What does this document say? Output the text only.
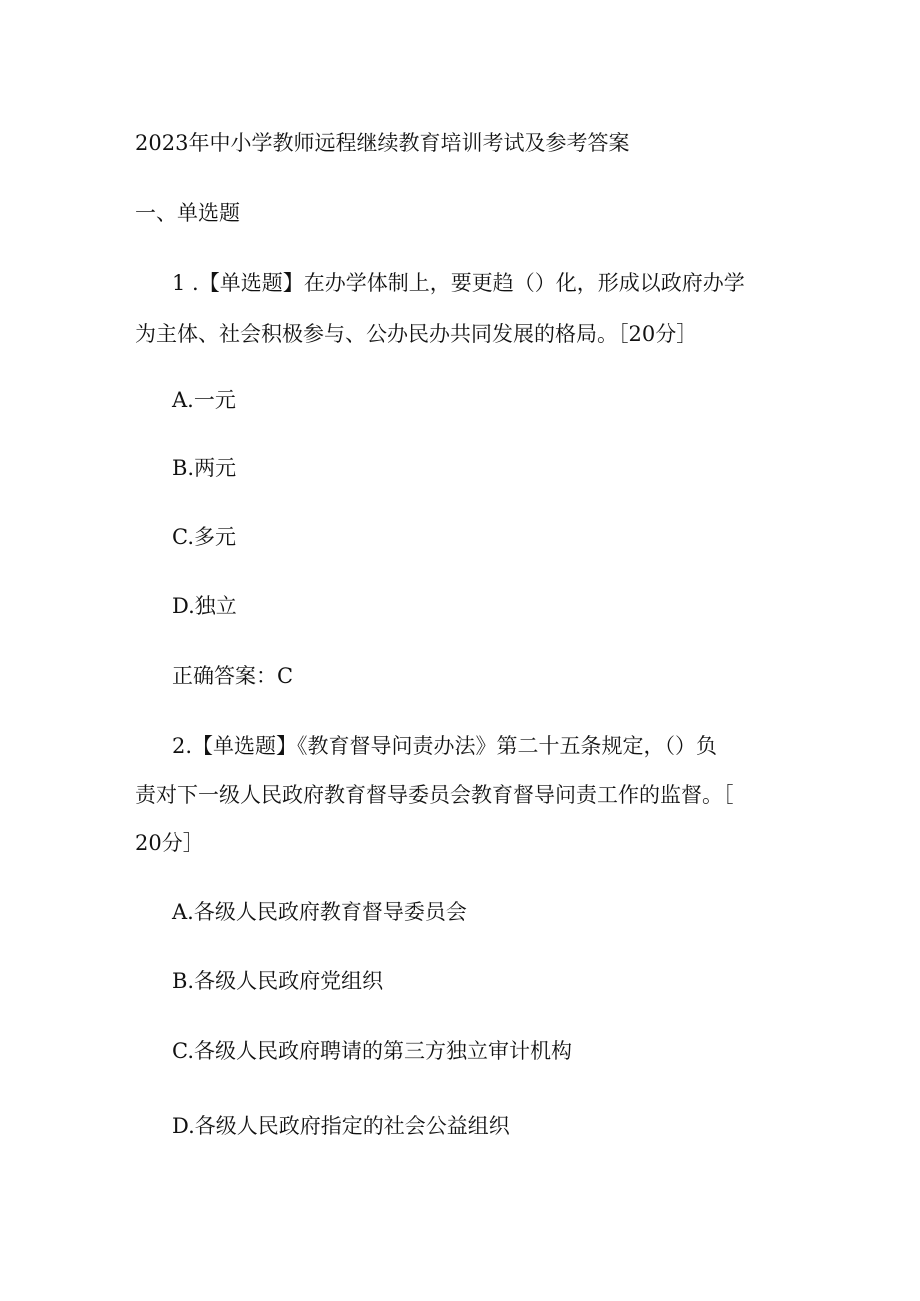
2023年中小学教师远程继续教育培训考试及参考答案
一、单选题
1 .【单选题】在办学体制上，要更趋（）化，形成以政府办学
为主体、社会积极参与、公办民办共同发展的格局。［20分］
A.一元
B.两元
C.多元
D.独立
正确答案：C
2.【单选题】《教育督导问责办法》第二十五条规定，（）负
责对下一级人民政府教育督导委员会教育督导问责工作的监督。［
20分］
A.各级人民政府教育督导委员会
B.各级人民政府党组织
C.各级人民政府聘请的第三方独立审计机构
D.各级人民政府指定的社会公益组织
